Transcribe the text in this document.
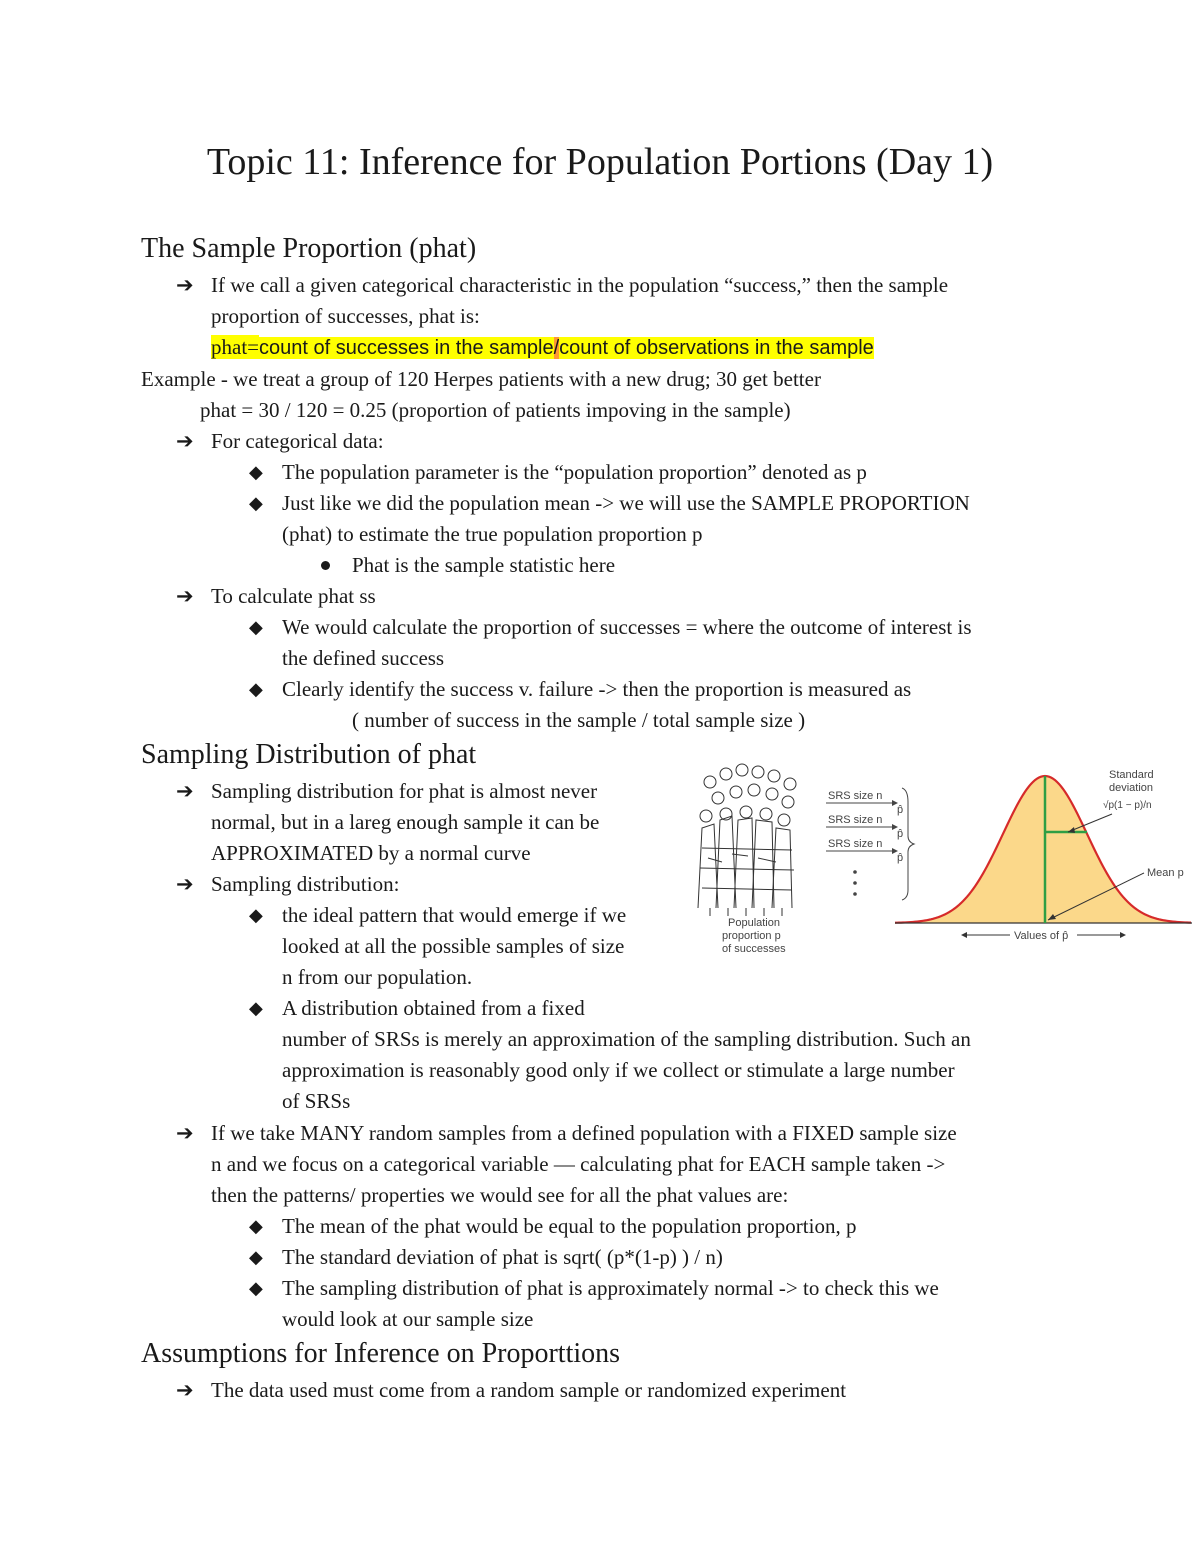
Topic 11: Inference for Population Portions (Day 1)
The Sample Proportion (phat)
➔ If we call a given categorical characteristic in the population “success,” then the sample
proportion of successes, phat is:
phat=count of successes in the sample/count of observations in the sample
Example - we treat a group of 120 Herpes patients with a new drug; 30 get better
phat = 30 / 120 = 0.25 (proportion of patients impoving in the sample)
➔ For categorical data:
◆ The population parameter is the “population proportion” denoted as p
◆ Just like we did the population mean -> we will use the SAMPLE PROPORTION
(phat) to estimate the true population proportion p
Phat is the sample statistic here
➔ To calculate phat ss
◆ We would calculate the proportion of successes = where the outcome of interest is
the defined success
◆ Clearly identify the success v. failure -> then the proportion is measured as
( number of success in the sample / total sample size )
Sampling Distribution of phat
➔ Sampling distribution for phat is almost never
normal, but in a lareg enough sample it can be
APPROXIMATED by a normal curve
➔ Sampling distribution:
◆ the ideal pattern that would emerge if we
looked at all the possible samples of size
n from our population.
◆ A distribution obtained from a fixed
number of SRSs is merely an approximation of the sampling distribution. Such an
approximation is reasonably good only if we collect or stimulate a large number
of SRSs
➔ If we take MANY random samples from a defined population with a FIXED sample size
n and we focus on a categorical variable — calculating phat for EACH sample taken ->
then the patterns/ properties we would see for all the phat values are:
◆ The mean of the phat would be equal to the population proportion, p
◆ The standard deviation of phat is sqrt( (p*(1-p) ) / n)
◆ The sampling distribution of phat is approximately normal -> to check this we
would look at our sample size
Assumptions for Inference on Proporttions
➔ The data used must come from a random sample or randomized experiment
Population
proportion p
of successes
SRS size n
p̂
SRS size n
p̂
SRS size n
p̂
Standard
deviation
√p(1 − p)/n
Mean p
Values of p̂
